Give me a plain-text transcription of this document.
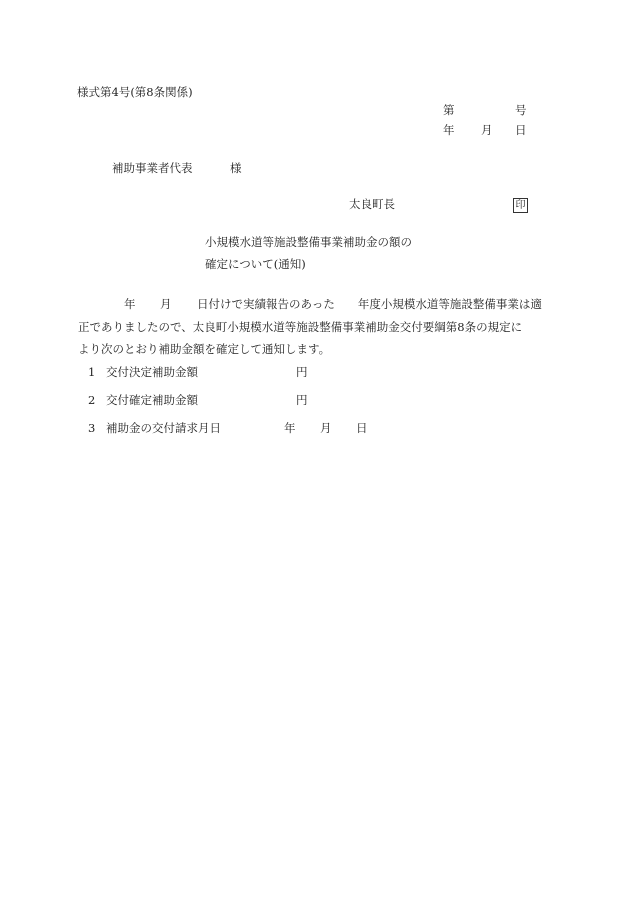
様式第4号(第8条関係)
第	号
年 月 日
補助事業者代表	様
太良町長	印
小規模水道等施設整備事業補助金の額の
確定について(通知)

年 月 日付けで実績報告のあった　　年度小規模水道等施設整備事業は適

正でありましたので、太良町小規模水道等施設整備事業補助金交付要綱第8条の規定に

より次のとおり補助金額を確定して通知します。

1 交付決定補助金額	円
2 交付確定補助金額	円
3 補助金の交付請求月日	年 月 日
